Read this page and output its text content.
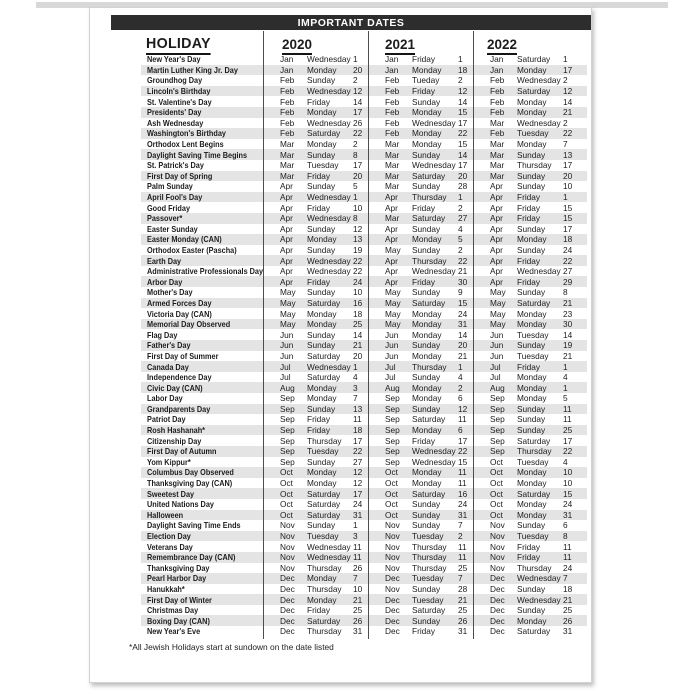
IMPORTANT DATES
HOLIDAY	2020	2021	2022
New Year's Day	Jan	Wednesday 1	Jan	Friday	1	Jan	Saturday	1
Martin Luther King Jr. Day	Jan	Monday	20	Jan	Monday	18	Jan	Monday	17
Groundhog Day	Feb	Sunday	2	Feb	Tueday	2	Feb	Wednesday 2
Lincoln's Birthday	Feb	Wednesday 12	Feb	Friday	12	Feb	Saturday	12
St. Valentine's Day	Feb	Friday	14	Feb	Sunday	14	Feb	Monday	14
Presidents' Day	Feb	Monday	17	Feb	Monday	15	Feb	Monday	21
Ash Wednesday	Feb	Wednesday 26	Feb	Wednesday 17	Mar	Wednesday 2
Washington's Birthday	Feb	Saturday	22	Feb	Monday	22	Feb	Tuesday	22
Orthodox Lent Begins	Mar	Monday	2	Mar	Monday	15	Mar	Monday	7
Daylight Saving Time Begins	Mar	Sunday	8	Mar	Sunday	14	Mar	Sunday	13
St. Patrick's Day	Mar	Tuesday	17	Mar	Wednesday 17	Mar	Thursday	17
First Day of Spring	Mar	Friday	20	Mar	Saturday	20	Mar	Sunday	20
Palm Sunday	Apr	Sunday	5	Mar	Sunday	28	Apr	Sunday	10
April Fool's Day	Apr	Wednesday 1	Apr	Thursday	1	Apr	Friday	1
Good Friday	Apr	Friday	10	Apr	Friday	2	Apr	Friday	15
Passover*	Apr	Wednesday 8	Mar	Saturday	27	Apr	Friday	15
Easter Sunday	Apr	Sunday	12	Apr	Sunday	4	Apr	Sunday	17
Easter Monday (CAN)	Apr	Monday	13	Apr	Monday	5	Apr	Monday	18
Orthodox Easter (Pascha)	Apr	Sunday	19	May	Sunday	2	Apr	Sunday	24
Earth Day	Apr	Wednesday 22	Apr	Thursday	22	Apr	Friday	22
Administrative Professionals Day Apr	Wednesday 22	Apr	Wednesday 21	Apr	Wednesday 27
Arbor Day	Apr	Friday	24	Apr	Friday	30	Apr	Friday	29
Mother's Day	May	Sunday	10	May	Sunday	9	May	Sunday	8
Armed Forces Day	May	Saturday	16	May	Saturday	15	May	Saturday	21
Victoria Day (CAN)	May	Monday	18	May	Monday	24	May	Monday	23
Memorial Day Observed	May	Monday	25	May	Monday	31	May	Monday	30
Flag Day	Jun	Sunday	14	Jun	Monday	14	Jun	Tuesday	14
Father's Day	Jun	Sunday	21	Jun	Sunday	20	Jun	Sunday	19
First Day of Summer	Jun	Saturday	20	Jun	Monday	21	Jun	Tuesday	21
Canada Day	Jul	Wednesday 1	Jul	Thursday	1	Jul	Friday	1
Independence Day	Jul	Saturday	4	Jul	Sunday	4	Jul	Monday	4
Civic Day (CAN)	Aug	Monday	3	Aug	Monday	2	Aug	Monday	1
Labor Day	Sep	Monday	7	Sep	Monday	6	Sep	Monday	5
Grandparents Day	Sep	Sunday	13	Sep	Sunday	12	Sep	Sunday	11
Patriot Day	Sep	Friday	11	Sep	Saturday	11	Sep	Sunday	11
Rosh Hashanah*	Sep	Friday	18	Sep	Monday	6	Sep	Sunday	25
Citizenship Day	Sep	Thursday	17	Sep	Friday	17	Sep	Saturday	17
First Day of Autumn	Sep	Tuesday	22	Sep	Wednesday 22	Sep	Thursday	22
Yom Kippur*	Sep	Sunday	27	Sep	Wednesday 15	Oct	Tuesday	4
Columbus Day Observed	Oct	Monday	12	Oct	Monday	11	Oct	Monday	10
Thanksgiving Day (CAN)	Oct	Monday	12	Oct	Monday	11	Oct	Monday	10
Sweetest Day	Oct	Saturday	17	Oct	Saturday	16	Oct	Saturday	15
United Nations Day	Oct	Saturday	24	Oct	Sunday	24	Oct	Monday	24
Halloween	Oct	Saturday	31	Oct	Sunday	31	Oct	Monday	31
Daylight Saving Time Ends	Nov	Sunday	1	Nov	Sunday	7	Nov	Sunday	6
Election Day	Nov	Tuesday	3	Nov	Tuesday	2	Nov	Tuesday	8
Veterans Day	Nov	Wednesday 11	Nov	Thursday	11	Nov	Friday	11
Remembrance Day (CAN)	Nov	Wednesday 11	Nov	Thursday	11	Nov	Friday	11
Thanksgiving Day	Nov	Thursday	26	Nov	Thursday	25	Nov	Thursday	24
Pearl Harbor Day	Dec	Monday	7	Dec	Tuesday	7	Dec	Wednesday 7
Hanukkah*	Dec	Thursday	10	Nov	Sunday	28	Dec	Sunday	18
First Day of Winter	Dec	Monday	21	Dec	Tuesday	21	Dec	Wednesday 21
Christmas Day	Dec	Friday	25	Dec	Saturday	25	Dec	Sunday	25
Boxing Day (CAN)	Dec	Saturday	26	Dec	Sunday	26	Dec	Monday	26
New Year's Eve	Dec	Thursday	31	Dec	Friday	31	Dec	Saturday	31
*All Jewish Holidays start at sundown on the date listed
